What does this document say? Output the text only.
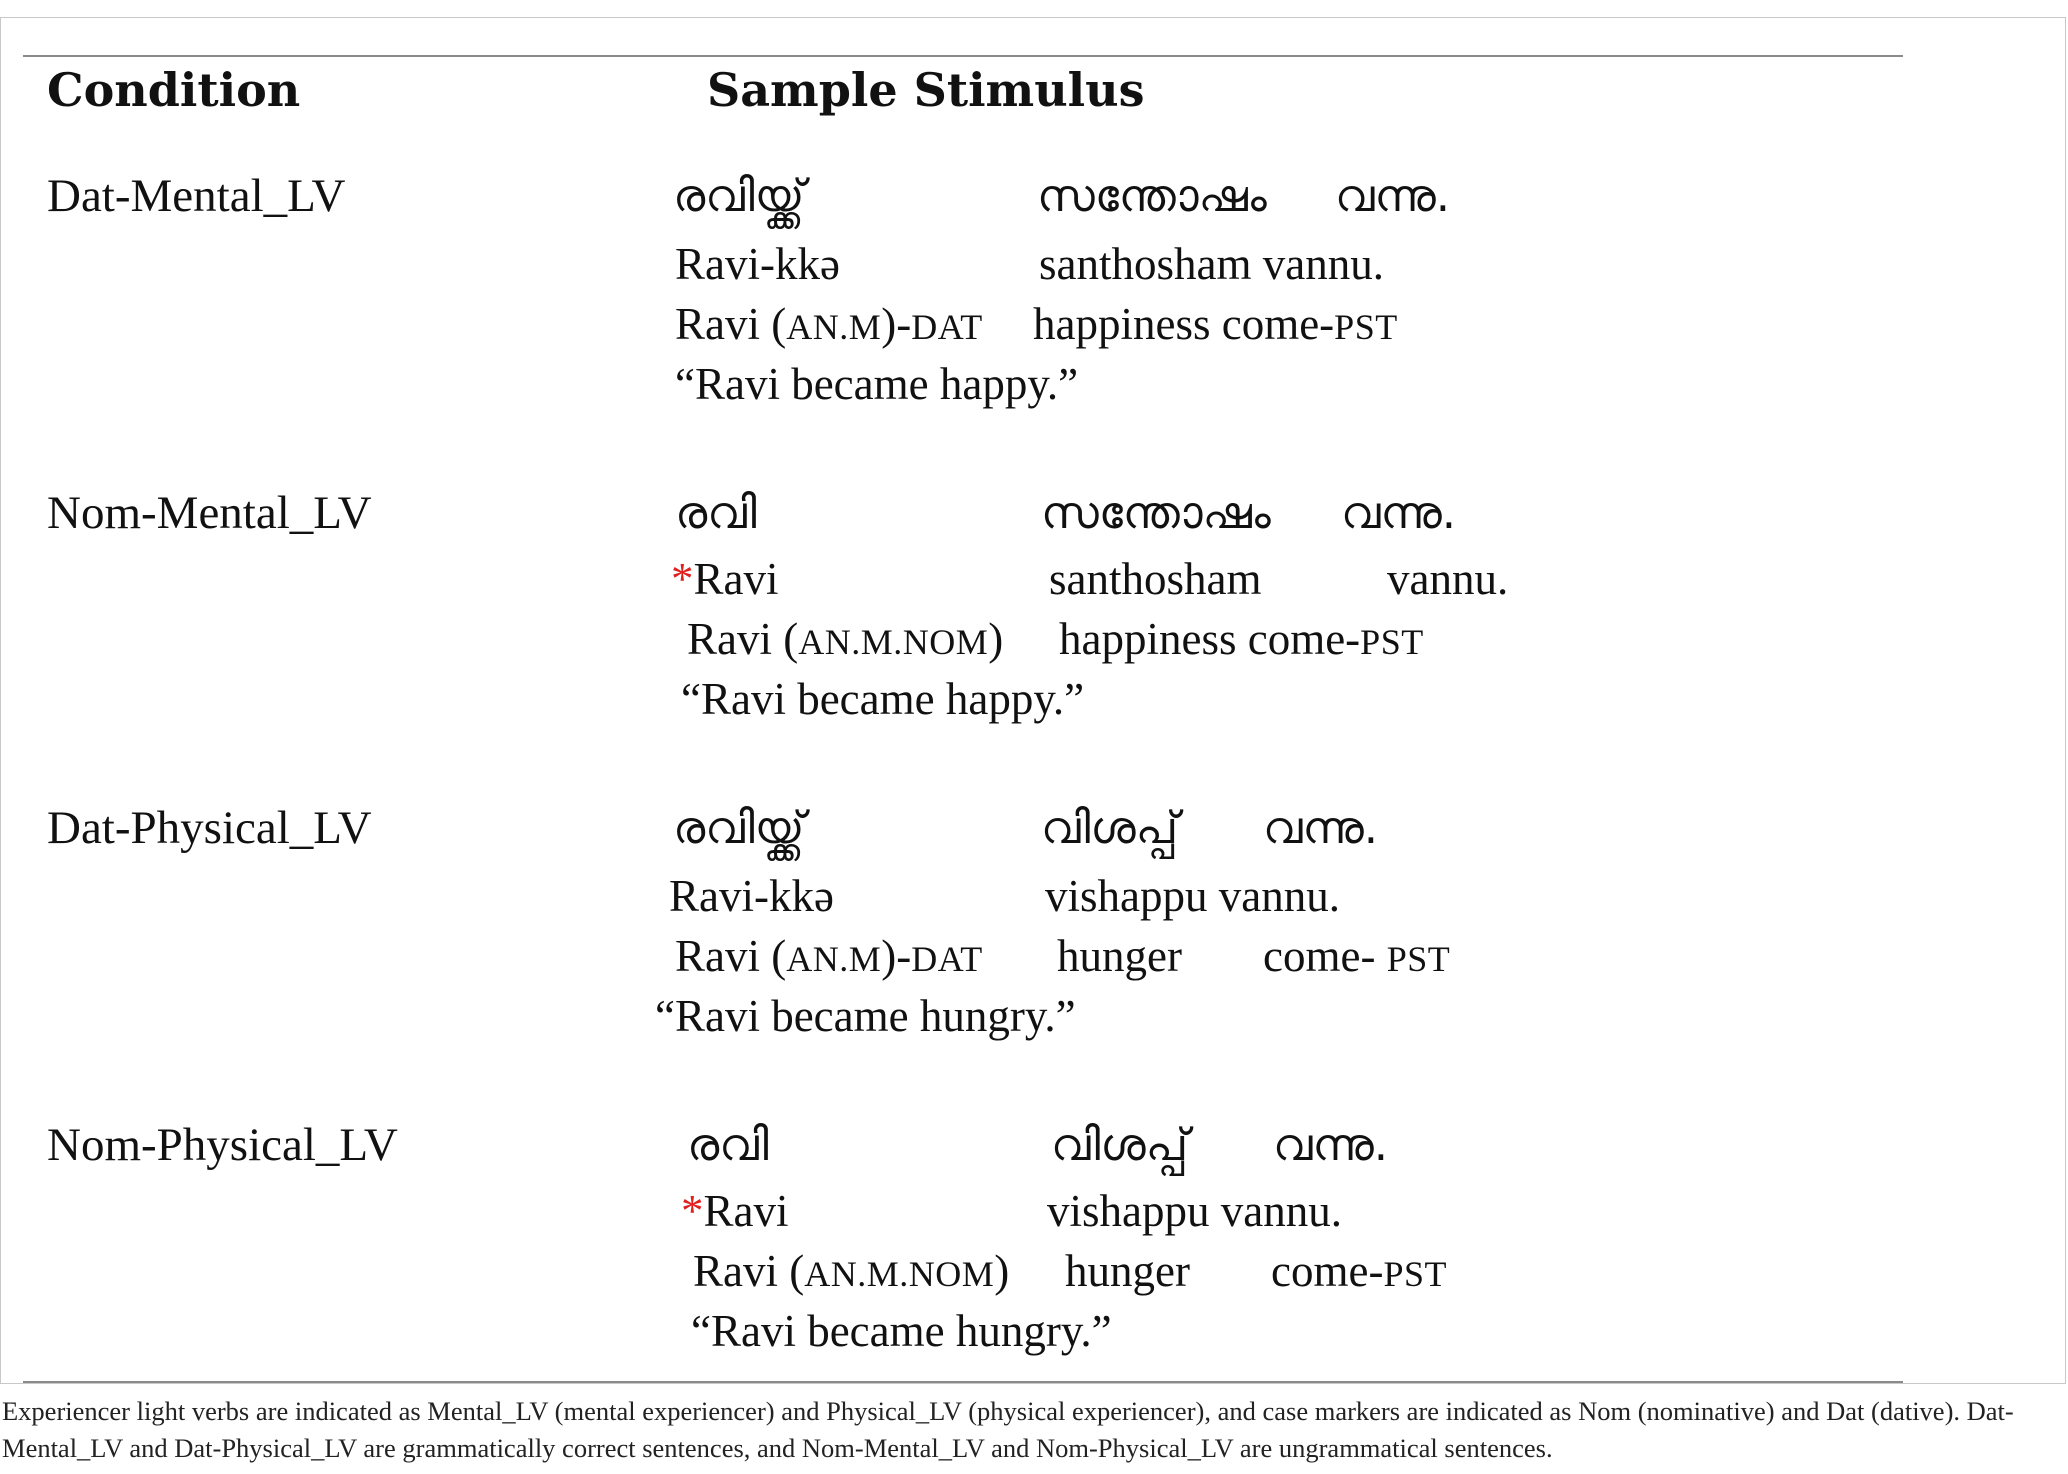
Condition	Sample Stimulus
Dat-Mental_LV	രവിയ്ക്ക്	സന്തോഷം വന്നു.
Ravi-kkə	santhosham vannu.
Ravi (AN.M)-DAT happiness come-PST
“Ravi became happy.”
Nom-Mental_LV	രവി	സന്തോഷം വന്നു.
*Ravi	santhosham	vannu.
Ravi (AN.M.NOM) happiness come-PST
“Ravi became happy.”
Dat-Physical_LV	രവിയ്ക്ക്	വിശപ്പ് വന്നു.
Ravi-kkə	vishappu vannu.
Ravi (AN.M)-DAT hunger come- PST
“Ravi became hungry.”
Nom-Physical_LV	രവി	വിശപ്പ് വന്നു.
*Ravi	vishappu vannu.
Ravi (AN.M.NOM) hunger come-PST
“Ravi became hungry.”
Experiencer light verbs are indicated as Mental_LV (mental experiencer) and Physical_LV (physical experiencer), and case markers are indicated as Nom (nominative) and Dat (dative). Dat-Mental_LV and Dat-Physical_LV are grammatically correct sentences, and Nom-Mental_LV and Nom-Physical_LV are ungrammatical sentences.
